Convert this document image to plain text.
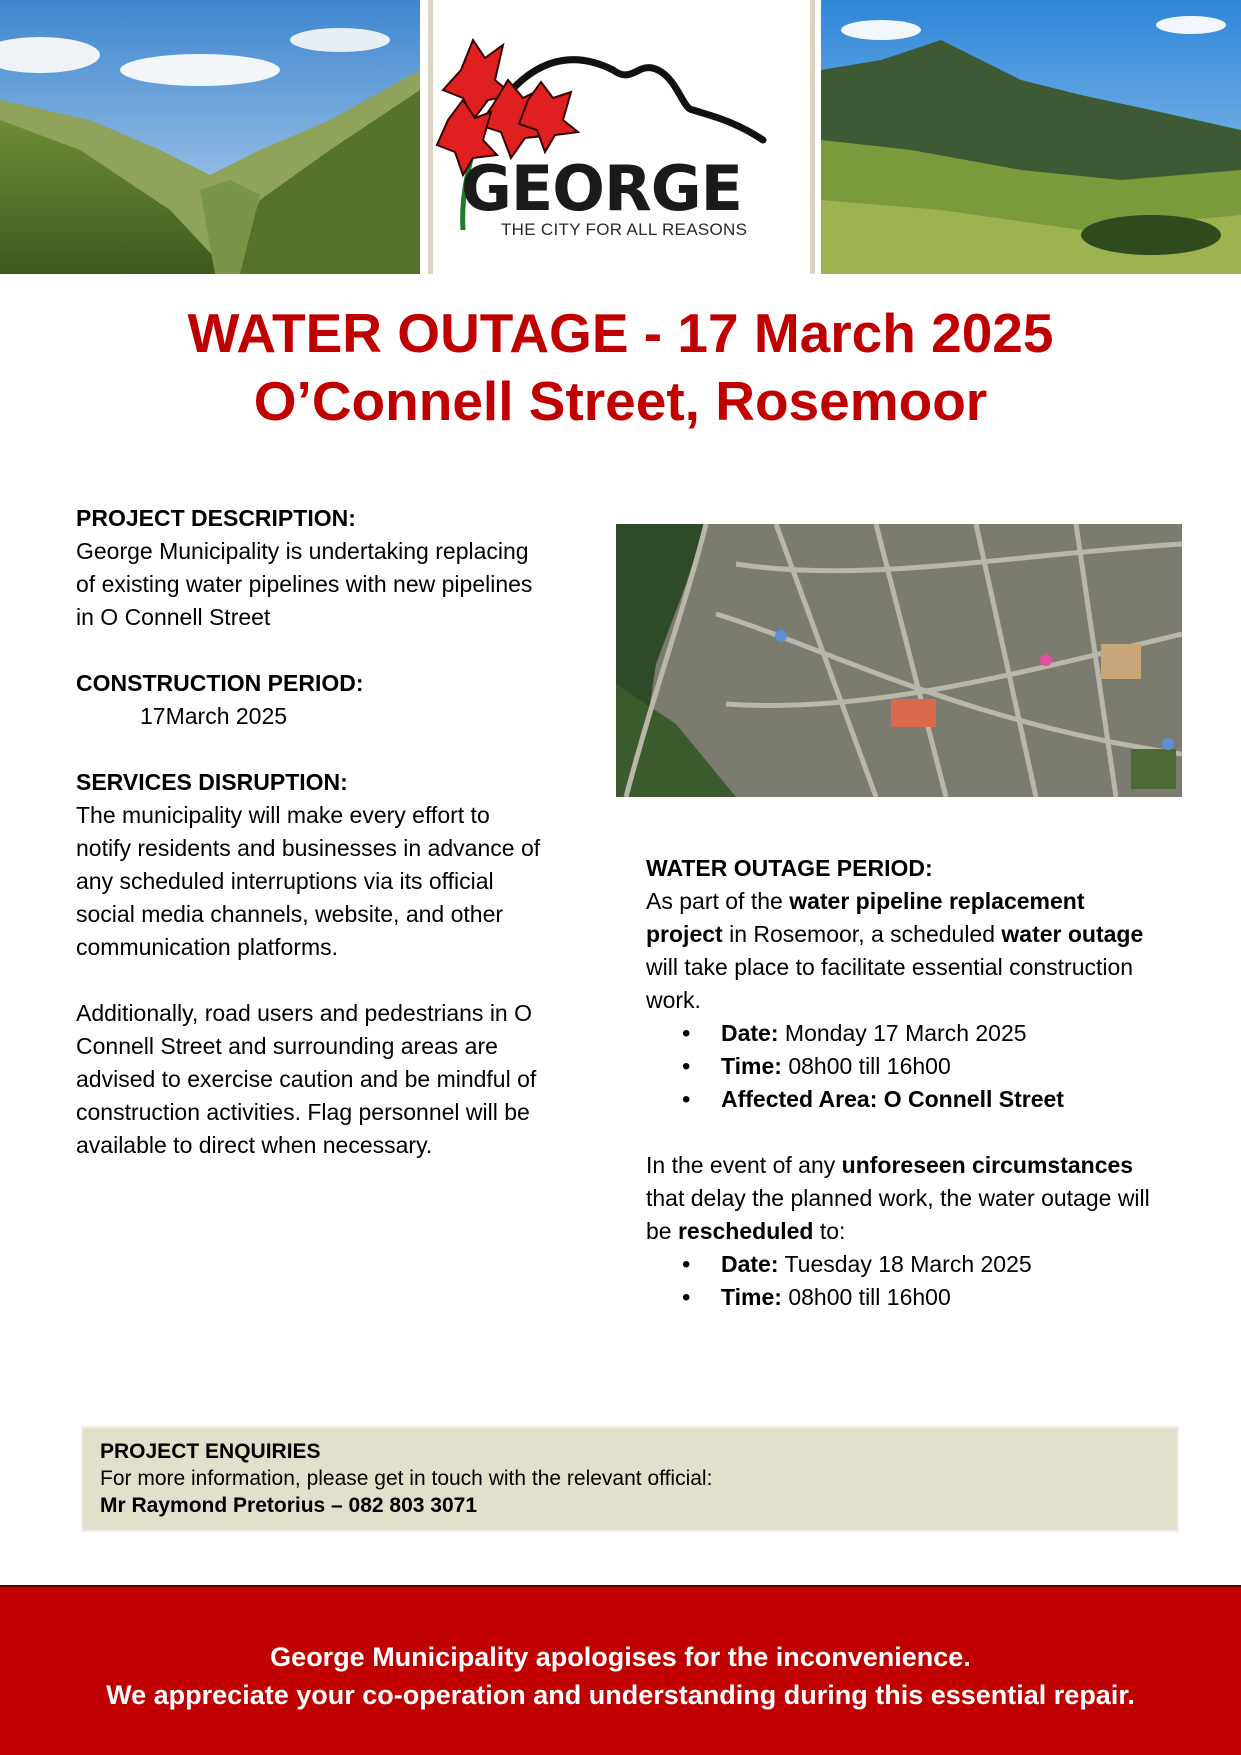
GEORGE
THE CITY FOR ALL REASONS
WATER OUTAGE - 17 March 2025
O’Connell Street, Rosemoor

PROJECT DESCRIPTION:

George Municipality is undertaking replacing of existing water pipelines with new pipelines in O Connell Street

CONSTRUCTION PERIOD:

17March 2025

SERVICES DISRUPTION:

The municipality will make every effort to notify residents and businesses in advance of any scheduled interruptions via its official social media channels, website, and other communication platforms.

Additionally, road users and pedestrians in O Connell Street and surrounding areas are advised to exercise caution and be mindful of construction activities. Flag personnel will be available to direct when necessary.

WATER OUTAGE PERIOD:

As part of the water pipeline replacement project in Rosemoor, a scheduled water outage will take place to facilitate essential construction work.

• Date: Monday 17 March 2025
• Time: 08h00 till 16h00
• Affected Area: O Connell Street

In the event of any unforeseen circumstances that delay the planned work, the water outage will be rescheduled to:

• Date: Tuesday 18 March 2025
• Time: 08h00 till 16h00
PROJECT ENQUIRIES
For more information, please get in touch with the relevant official:
Mr Raymond Pretorius – 082 803 3071
George Municipality apologises for the inconvenience.
We appreciate your co-operation and understanding during this essential repair.
